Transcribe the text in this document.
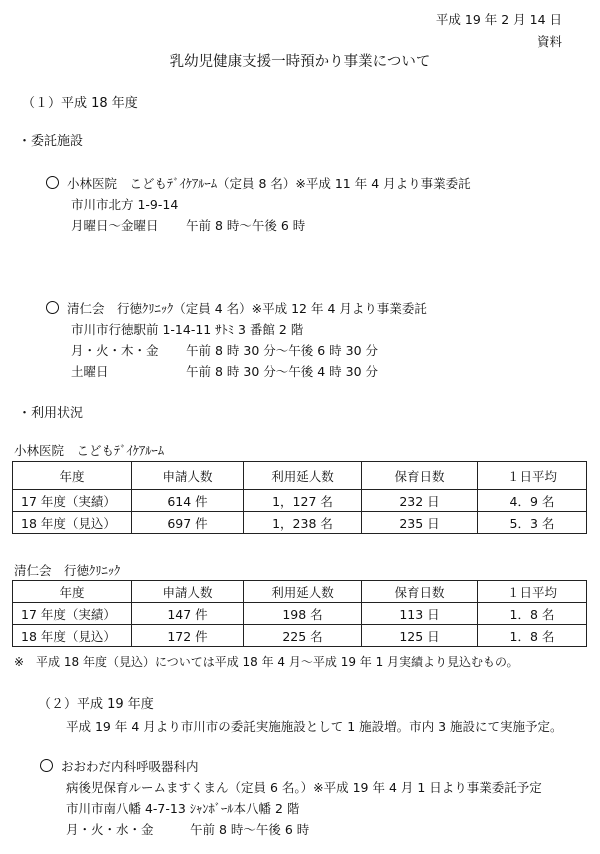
平成 19 年 2 月 14 日
資料
乳幼児健康支援一時預かり事業について
（１）平成 18 年度
・委託施設
小林医院　こどもﾃﾞｲｹｱﾙｰﾑ（定員 8 名）※平成 11 年 4 月より事業委託
市川市北方 1-9-14
月曜日～金曜日	午前 8 時～午後 6 時
清仁会　行徳ｸﾘﾆｯｸ（定員 4 名）※平成 12 年 4 月より事業委託
市川市行徳駅前 1-14-11 ｻﾄﾐ 3 番館 2 階
月・火・木・金	午前 8 時 30 分～午後 6 時 30 分
土曜日	午前 8 時 30 分～午後 4 時 30 分
・利用状況
小林医院　こどもﾃﾞｲｹｱﾙｰﾑ
年度	申請人数	利用延人数	保育日数	１日平均
17 年度（実績）	614 件	1，127 名	232 日	4．9 名
18 年度（見込）	697 件	1，238 名	235 日	5．3 名
清仁会　行徳ｸﾘﾆｯｸ
年度	申請人数	利用延人数	保育日数	１日平均
17 年度（実績）	147 件	198 名	113 日	1．8 名
18 年度（見込）	172 件	225 名	125 日	1．8 名
※　平成 18 年度（見込）については平成 18 年 4 月～平成 19 年 1 月実績より見込むもの。
（２）平成 19 年度
平成 19 年 4 月より市川市の委託実施施設として 1 施設増。市内 3 施設にて実施予定。
おおわだ内科呼吸器科内
病後児保育ルームますくまん（定員 6 名。）※平成 19 年 4 月 1 日より事業委託予定
市川市南八幡 4-7-13 ｼｬﾝﾎﾞｰﾙ本八幡 2 階
月・火・水・金	午前 8 時～午後 6 時
